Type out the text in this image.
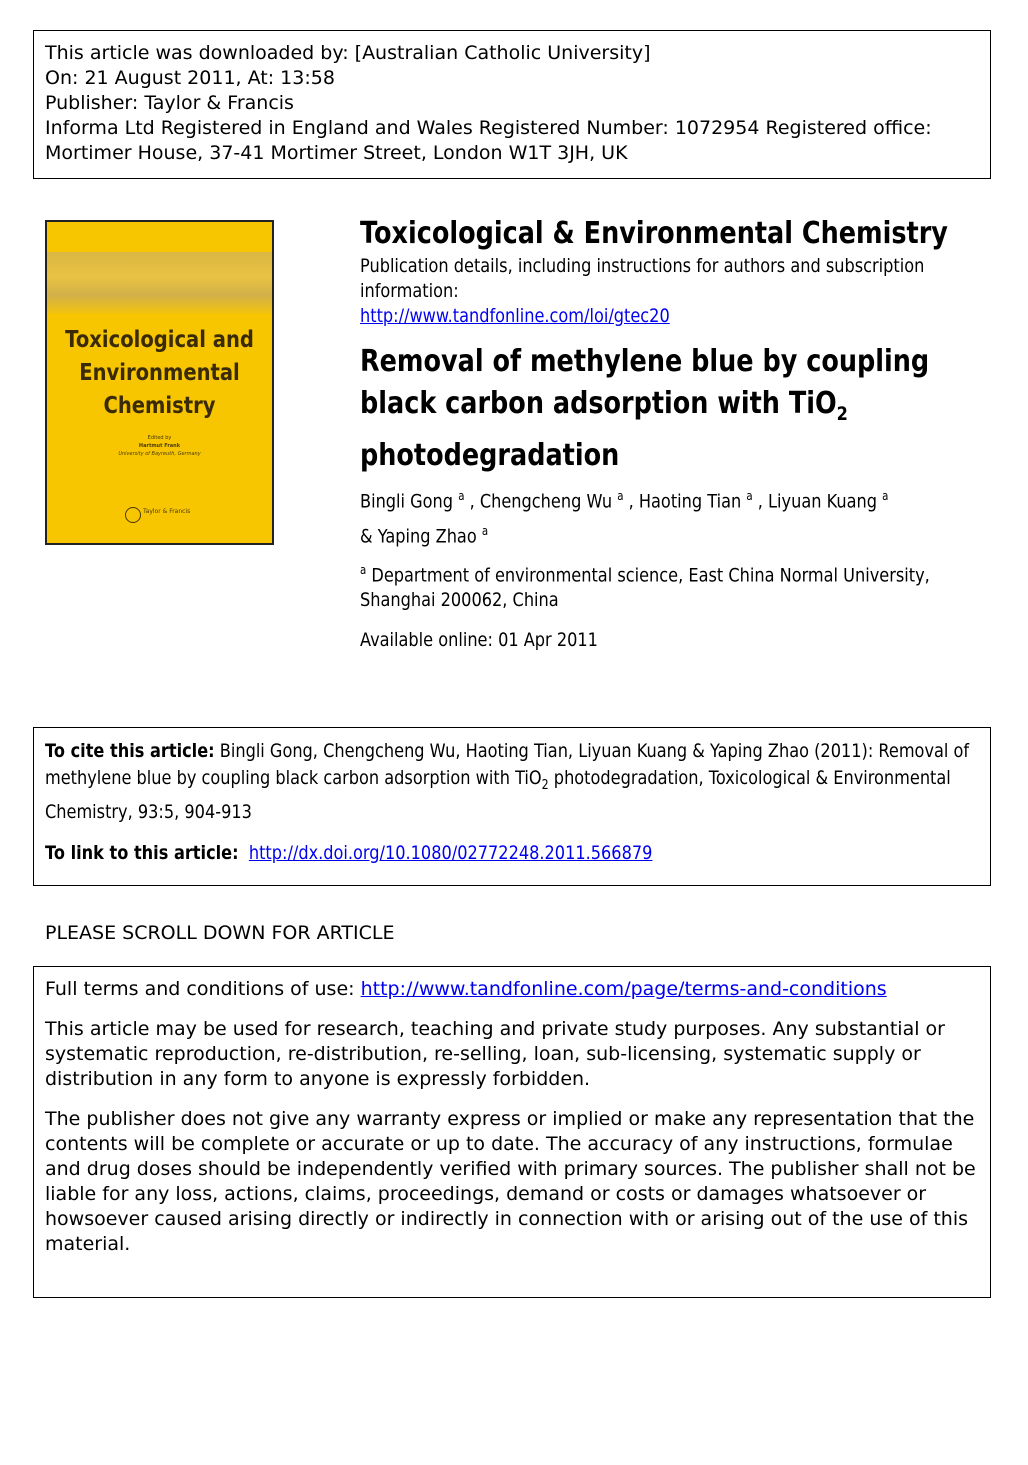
This article was downloaded by: [Australian Catholic University]
On: 21 August 2011, At: 13:58
Publisher: Taylor & Francis
Informa Ltd Registered in England and Wales Registered Number: 1072954 Registered office: Mortimer House, 37-41 Mortimer Street, London W1T 3JH, UK

Toxicological and Environmental Chemistry
Edited by
Hartmut Frank
University of Bayreuth, Germany
Taylor & Francis
Toxicological & Environmental Chemistry
Publication details, including instructions for authors and subscription information:
http://www.tandfonline.com/loi/gtec20
Removal of methylene blue by coupling black carbon adsorption with TiO$_2$
photodegradation
Bingli Gong $^a$ , Chengcheng Wu $^a$ , Haoting Tian $^a$ , Liyuan Kuang $^a$
& Yaping Zhao $^a$
$^a$ Department of environmental science, East China Normal University, Shanghai 200062, China
Available online: 01 Apr 2011
To cite this article: Bingli Gong, Chengcheng Wu, Haoting Tian, Liyuan Kuang & Yaping Zhao (2011): Removal of methylene blue by coupling black carbon adsorption with TiO$_2$ photodegradation, Toxicological & Environmental Chemistry, 93:5, 904-913
To link to this article: http://dx.doi.org/10.1080/02772248.2011.566879
PLEASE SCROLL DOWN FOR ARTICLE

Full terms and conditions of use: http://www.tandfonline.com/page/terms-and-conditions

This article may be used for research, teaching and private study purposes. Any substantial or systematic reproduction, re-distribution, re-selling, loan, sub-licensing, systematic supply or distribution in any form to anyone is expressly forbidden.

The publisher does not give any warranty express or implied or make any representation that the contents will be complete or accurate or up to date. The accuracy of any instructions, formulae and drug doses should be independently verified with primary sources. The publisher shall not be liable for any loss, actions, claims, proceedings, demand or costs or damages whatsoever or howsoever caused arising directly or indirectly in connection with or arising out of the use of this material.
